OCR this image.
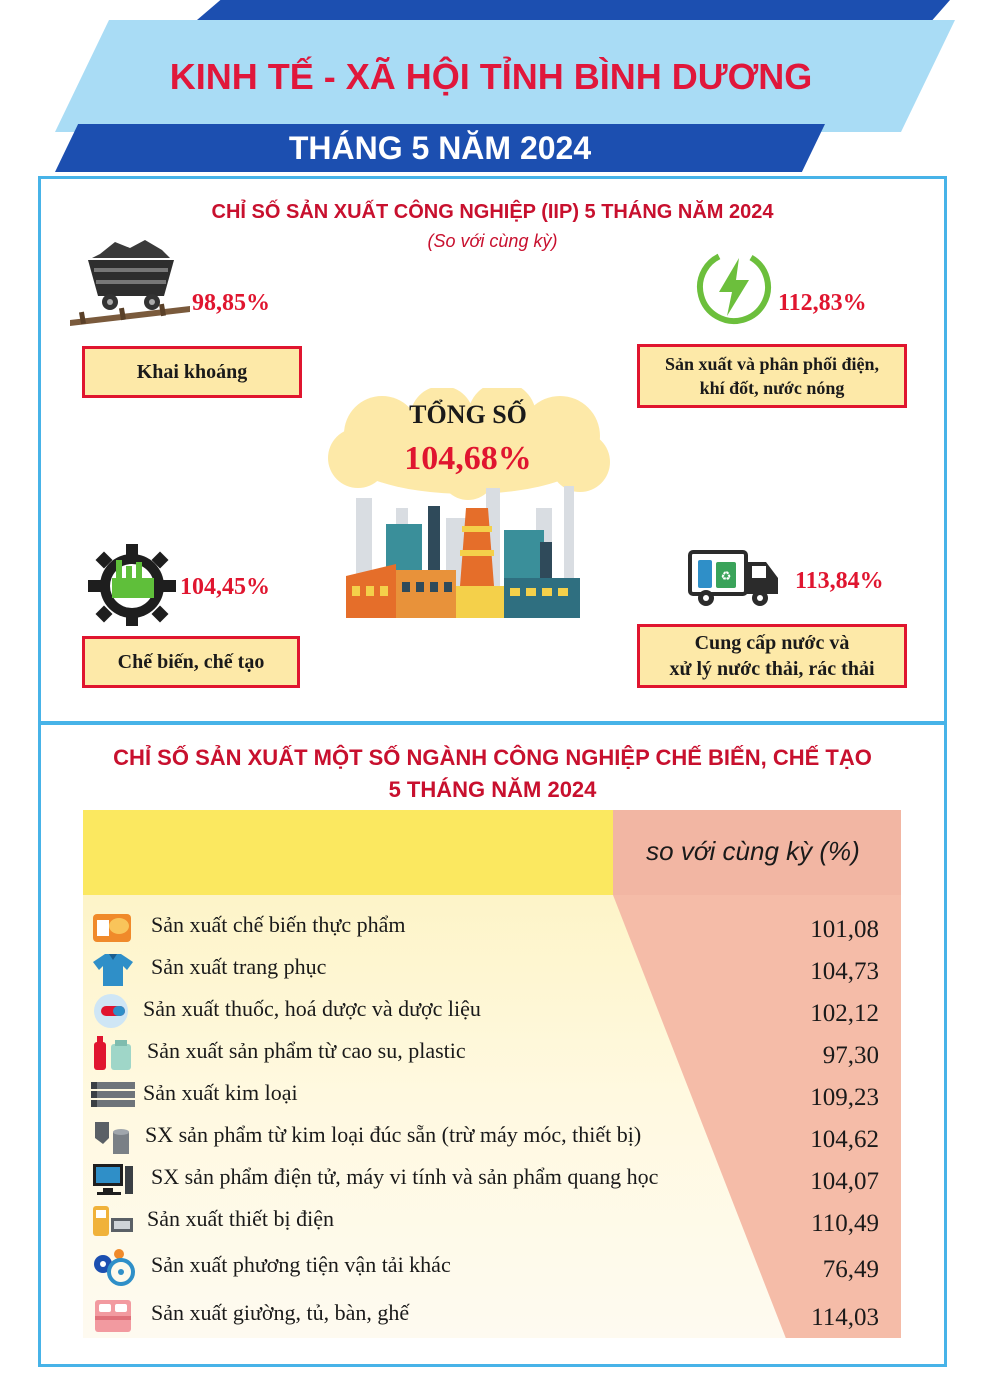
KINH TẾ - XÃ HỘI TỈNH BÌNH DƯƠNG
THÁNG 5 NĂM 2024
CHỈ SỐ SẢN XUẤT CÔNG NGHIỆP (IIP) 5 THÁNG NĂM 2024
(So với cùng kỳ)
98,85%
Khai khoáng
112,83%
Sản xuất và phân phối điện,
khí đốt, nước nóng
TỔNG SỐ
104,68%
104,45%
Chế biến, chế tạo
♻	113,84%
Cung cấp nước và
xử lý nước thải, rác thải
CHỈ SỐ SẢN XUẤT MỘT SỐ NGÀNH CÔNG NGHIỆP CHẾ BIẾN, CHẾ TẠO
5 THÁNG NĂM 2024
so với cùng kỳ (%)
Sản xuất chế biến thực phẩm	101,08
Sản xuất trang phục	104,73
Sản xuất thuốc, hoá dược và dược liệu	102,12
Sản xuất sản phẩm từ cao su, plastic	97,30
Sản xuất kim loại	109,23
SX sản phẩm từ kim loại đúc sẵn (trừ máy móc, thiết bị)	104,62
SX sản phẩm điện tử, máy vi tính và sản phẩm quang học	104,07
Sản xuất thiết bị điện	110,49
Sản xuất phương tiện vận tải khác	76,49
Sản xuất giường, tủ, bàn, ghế	114,03
